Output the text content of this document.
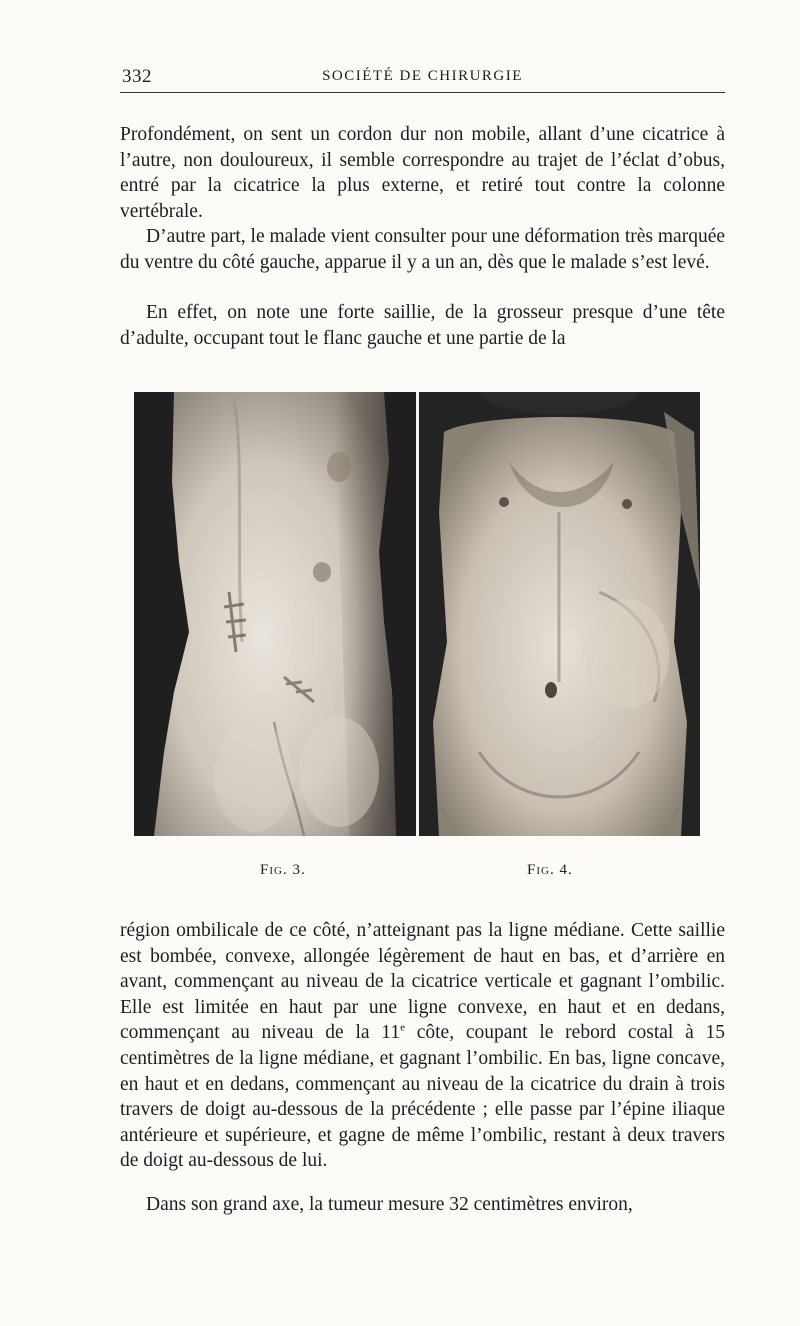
332	SOCIÉTÉ DE CHIRURGIE

Profondément, on sent un cordon dur non mobile, allant d’une cicatrice à l’autre, non douloureux, il semble correspondre au trajet de l’éclat d’obus, entré par la cicatrice la plus externe, et retiré tout contre la colonne vertébrale.

D’autre part, le malade vient consulter pour une déformation très marquée du ventre du côté gauche, apparue il y a un an, dès que le malade s’est levé.

En effet, on note une forte saillie, de la grosseur presque d’une tête d’adulte, occupant tout le flanc gauche et une partie de la

Fig. 3.	Fig. 4.

région ombilicale de ce côté, n’atteignant pas la ligne médiane. Cette saillie est bombée, convexe, allongée légèrement de haut en bas, et d’arrière en avant, commençant au niveau de la cicatrice verticale et gagnant l’ombilic. Elle est limitée en haut par une ligne convexe, en haut et en dedans, commençant au niveau de la 11e côte, coupant le rebord costal à 15 centimètres de la ligne médiane, et gagnant l’ombilic. En bas, ligne concave, en haut et en dedans, commençant au niveau de la cicatrice du drain à trois travers de doigt au-dessous de la précédente ; elle passe par l’épine iliaque antérieure et supérieure, et gagne de même l’ombilic, restant à deux travers de doigt au-dessous de lui.

Dans son grand axe, la tumeur mesure 32 centimètres environ,
